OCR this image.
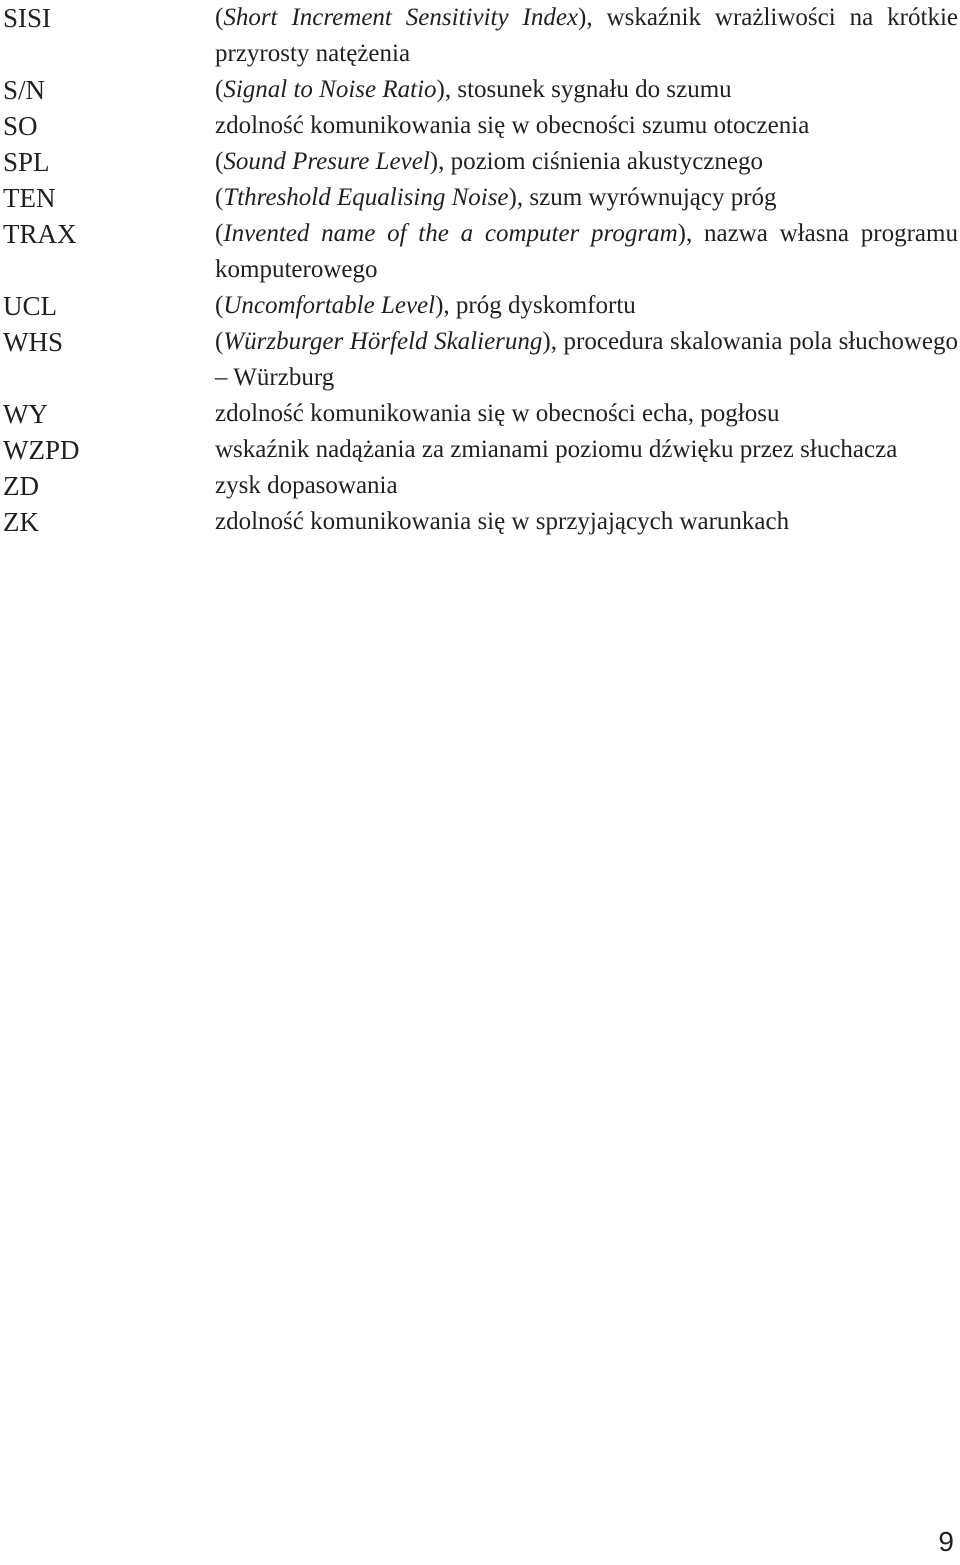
SISI	(Short Increment Sensitivity Index), wskaźnik wrażliwości na krótkie przyrosty natężenia
S/N	(Signal to Noise Ratio), stosunek sygnału do szumu
SO	zdolność komunikowania się w obecności szumu otoczenia
SPL	(Sound Presure Level), poziom ciśnienia akustycznego
TEN	(Tthreshold Equalising Noise), szum wyrównujący próg
TRAX	(Invented name of the a computer program), nazwa własna programu komputerowego
UCL	(Uncomfortable Level), próg dyskomfortu
WHS	(Würzburger Hörfeld Skalierung), procedura skalowania pola słuchowego – Würzburg
WY	zdolność komunikowania się w obecności echa, pogłosu
WZPD	wskaźnik nadążania za zmianami poziomu dźwięku przez słuchacza
ZD	zysk dopasowania
ZK	zdolność komunikowania się w sprzyjających warunkach
9
